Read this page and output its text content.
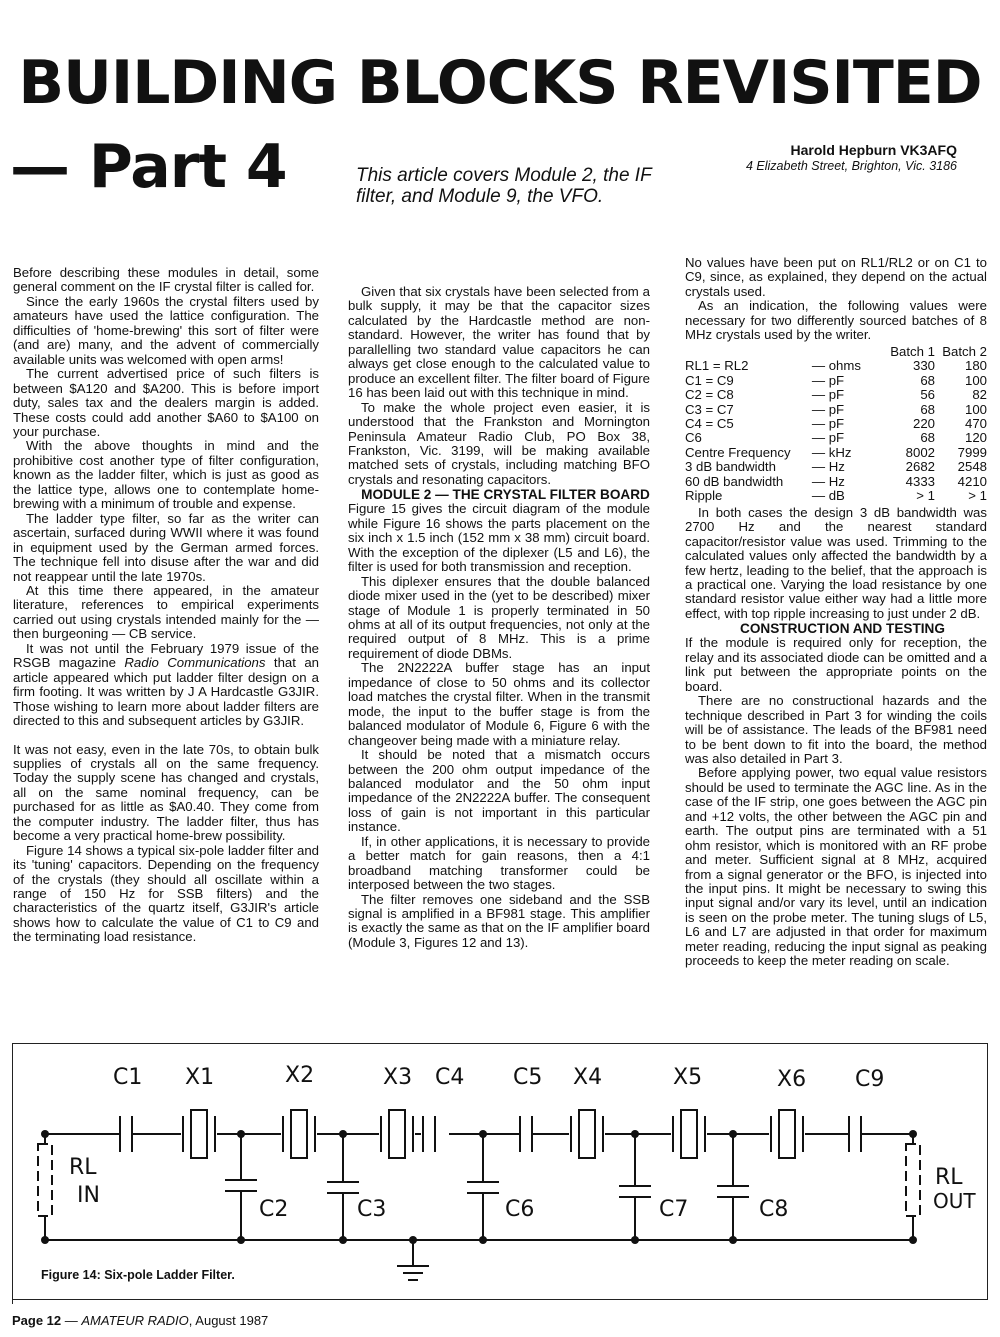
BUILDING BLOCKS REVISITED
— Part 4	This article covers Module 2, the IF filter, and Module 9, the VFO.
Harold Hepburn VK3AFQ
4 Elizabeth Street, Brighton, Vic. 3186

Before describing these modules in detail, some general comment on the IF crystal filter is called for.

Since the early 1960s the crystal filters used by amateurs have used the lattice configuration. The difficulties of 'home-brewing' this sort of filter were (and are) many, and the advent of commercially available units was welcomed with open arms!

The current advertised price of such filters is between $A120 and $A200. This is before import duty, sales tax and the dealers margin is added. These costs could add another $A60 to $A100 on your purchase.

With the above thoughts in mind and the prohibitive cost another type of filter configuration, known as the ladder filter, which is just as good as the lattice type, allows one to contemplate home-brewing with a minimum of trouble and expense.

The ladder type filter, so far as the writer can ascertain, surfaced during WWII where it was found in equipment used by the German armed forces. The technique fell into disuse after the war and did not reappear until the late 1970s.

At this time there appeared, in the amateur literature, references to empirical experiments carried out using crystals intended mainly for the — then burgeoning — CB service.

It was not until the February 1979 issue of the RSGB magazine Radio Communications that an article appeared which put ladder filter design on a firm footing. It was written by J A Hardcastle G3JIR. Those wishing to learn more about ladder filters are directed to this and subsequent articles by G3JIR.

It was not easy, even in the late 70s, to obtain bulk supplies of crystals all on the same frequency. Today the supply scene has changed and crystals, all on the same nominal frequency, can be purchased for as little as $A0.40. They come from the computer industry. The ladder filter, thus has become a very practical home-brew possibility.

Figure 14 shows a typical six-pole ladder filter and its 'tuning' capacitors. Depending on the frequency of the crystals (they should all oscillate within a range of 150 Hz for SSB filters) and the characteristics of the quartz itself, G3JIR's article shows how to calculate the value of C1 to C9 and the terminating load resistance.

Given that six crystals have been selected from a bulk supply, it may be that the capacitor sizes calculated by the Hardcastle method are non- standard. However, the writer has found that by parallelling two standard value capacitors he can always get close enough to the calculated value to produce an excellent filter. The filter board of Figure 16 has been laid out with this technique in mind.

To make the whole project even easier, it is understood that the Frankston and Mornington Peninsula Amateur Radio Club, PO Box 38, Frankston, Vic. 3199, will be making available matched sets of crystals, including matching BFO crystals and resonating capacitors.

MODULE 2 — THE CRYSTAL FILTER BOARD

Figure 15 gives the circuit diagram of the module while Figure 16 shows the parts placement on the six inch x 1.5 inch (152 mm x 38 mm) circuit board. With the exception of the diplexer (L5 and L6), the filter is used for both transmission and reception.

This diplexer ensures that the double balanced diode mixer used in the (yet to be described) mixer stage of Module 1 is properly terminated in 50 ohms at all of its output frequencies, not only at the required output of 8 MHz. This is a prime requirement of diode DBMs.

The 2N2222A buffer stage has an input impedance of close to 50 ohms and its collector load matches the crystal filter. When in the transmit mode, the input to the buffer stage is from the balanced modulator of Module 6, Figure 6 with the changeover being made with a miniature relay.

It should be noted that a mismatch occurs between the 200 ohm output impedance of the balanced modulator and the 50 ohm input impedance of the 2N2222A buffer. The consequent loss of gain is not important in this particular instance.

If, in other applications, it is necessary to provide a better match for gain reasons, then a 4:1 broadband matching transformer could be interposed between the two stages.

The filter removes one sideband and the SSB signal is amplified in a BF981 stage. This amplifier is exactly the same as that on the IF amplifier board (Module 3, Figures 12 and 13).

No values have been put on RL1/RL2 or on C1 to C9, since, as explained, they depend on the actual crystals used.

As an indication, the following values were necessary for two differently sourced batches of 8 MHz crystals used by the writer.

		Batch 1	Batch 2
RL1 = RL2	— ohms	330	180
C1 = C9	— pF	68	100
C2 = C8	— pF	56	82
C3 = C7	— pF	68	100
C4 = C5	— pF	220	470
C6	— pF	68	120
Centre Frequency	— kHz	8002	7999
3 dB bandwidth	— Hz	2682	2548
60 dB bandwidth	— Hz	4333	4210
Ripple	— dB	> 1	> 1

In both cases the design 3 dB bandwidth was 2700 Hz and the nearest standard capacitor/resistor value was used. Trimming to the calculated values only affected the bandwidth by a few hertz, leading to the belief, that the approach is a practical one. Varying the load resistance by one standard resistor value either way had a little more effect, with top ripple increasing to just under 2 dB.

CONSTRUCTION AND TESTING

If the module is required only for reception, the relay and its associated diode can be omitted and a link put between the appropriate points on the board.

There are no constructional hazards and the technique described in Part 3 for winding the coils will be of assistance. The leads of the BF981 need to be bent down to fit into the board, the method was also detailed in Part 3.

Before applying power, two equal value resistors should be used to terminate the AGC line. As in the case of the IF strip, one goes between the AGC pin and +12 volts, the other between the AGC pin and earth. The output pins are terminated with a 51 ohm resistor, which is monitored with an RF probe and meter. Sufficient signal at 8 MHz, acquired from a signal generator or the BFO, is injected into the input pins. It might be necessary to swing this input signal and/or vary its level, until an indication is seen on the probe meter. The tuning slugs of L5, L6 and L7 are adjusted in that order for maximum meter reading, reducing the input signal as peaking proceeds to keep the meter reading on scale.

C1 X1	X2	X3 C4 C5 X4	X5	X6 C9
C2	C3	C6	C7	C8
RL
IN
RL
OUT
Figure 14: Six-pole Ladder Filter.
Page 12 — AMATEUR RADIO, August 1987
